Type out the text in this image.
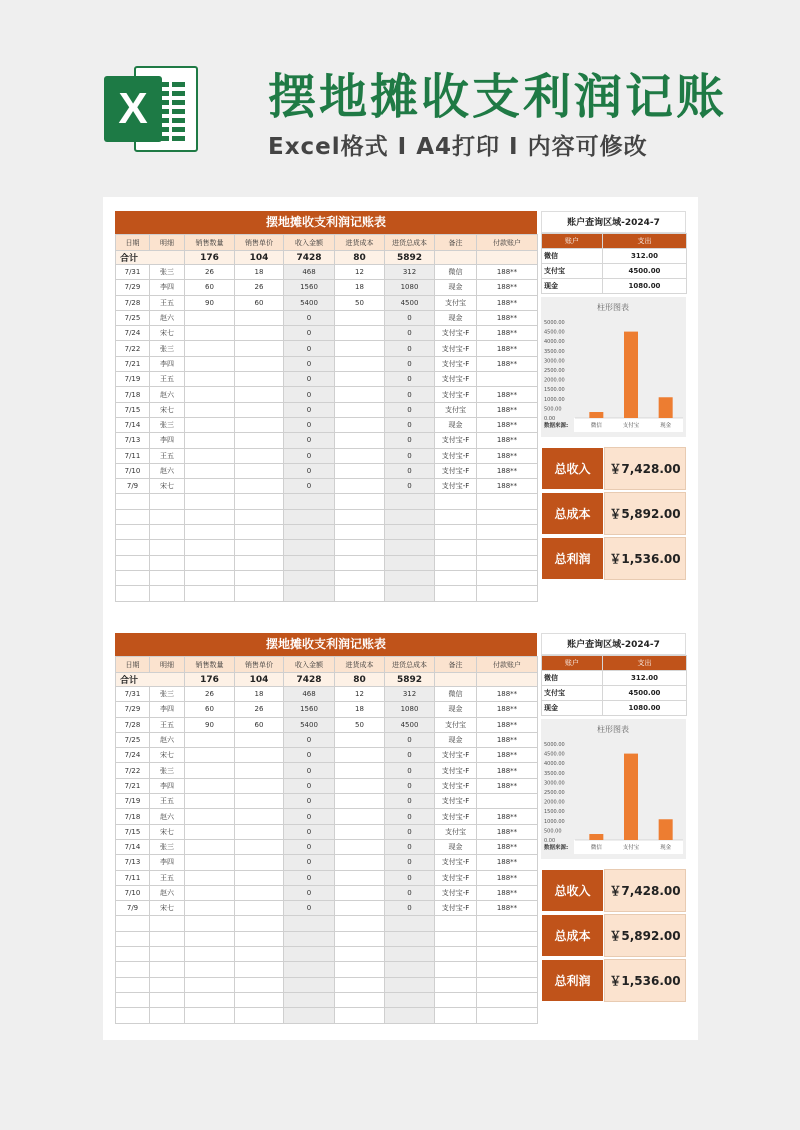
X	摆地摊收支利润记账
Excel格式 I A4打印 I 内容可修改
摆地摊收支利润记账表
日期	明细	销售数量	销售单价	收入金额	进货成本	进货总成本	备注	付款账户
合计		176	104	7428	80	5892		
7/31	张三	26	18	468	12	312	微信	188**
7/29	李四	60	26	1560	18	1080	现金	188**
7/28	王五	90	60	5400	50	4500	支付宝	188**
7/25	赵六			0		0	现金	188**
7/24	宋七			0		0	支付宝-F	188**
7/22	张三			0		0	支付宝-F	188**
7/21	李四			0		0	支付宝-F	188**
7/19	王五			0		0	支付宝-F	
7/18	赵六			0		0	支付宝-F	188**
7/15	宋七			0		0	支付宝	188**
7/14	张三			0		0	现金	188**
7/13	李四			0		0	支付宝-F	188**
7/11	王五			0		0	支付宝-F	188**
7/10	赵六			0		0	支付宝-F	188**
7/9	宋七			0		0	支付宝-F	188**

账户查询区域-2024-7
账户	支出
微信	312.00
支付宝	4500.00
现金	1080.00
柱形图表
0.00
500.00
1000.00
1500.00
2000.00
2500.00
3000.00
3500.00
4000.00
4500.00
5000.00
微信	支付宝	现金
数据来源:
总收入	￥7,428.00
总成本	￥5,892.00
总利润	￥1,536.00
摆地摊收支利润记账表
日期	明细	销售数量	销售单价	收入金额	进货成本	进货总成本	备注	付款账户
合计		176	104	7428	80	5892		
7/31	张三	26	18	468	12	312	微信	188**
7/29	李四	60	26	1560	18	1080	现金	188**
7/28	王五	90	60	5400	50	4500	支付宝	188**
7/25	赵六			0		0	现金	188**
7/24	宋七			0		0	支付宝-F	188**
7/22	张三			0		0	支付宝-F	188**
7/21	李四			0		0	支付宝-F	188**
7/19	王五			0		0	支付宝-F	
7/18	赵六			0		0	支付宝-F	188**
7/15	宋七			0		0	支付宝	188**
7/14	张三			0		0	现金	188**
7/13	李四			0		0	支付宝-F	188**
7/11	王五			0		0	支付宝-F	188**
7/10	赵六			0		0	支付宝-F	188**
7/9	宋七			0		0	支付宝-F	188**

账户查询区域-2024-7
账户	支出
微信	312.00
支付宝	4500.00
现金	1080.00
柱形图表
0.00
500.00
1000.00
1500.00
2000.00
2500.00
3000.00
3500.00
4000.00
4500.00
5000.00
微信	支付宝	现金
数据来源:
总收入	￥7,428.00
总成本	￥5,892.00
总利润	￥1,536.00
